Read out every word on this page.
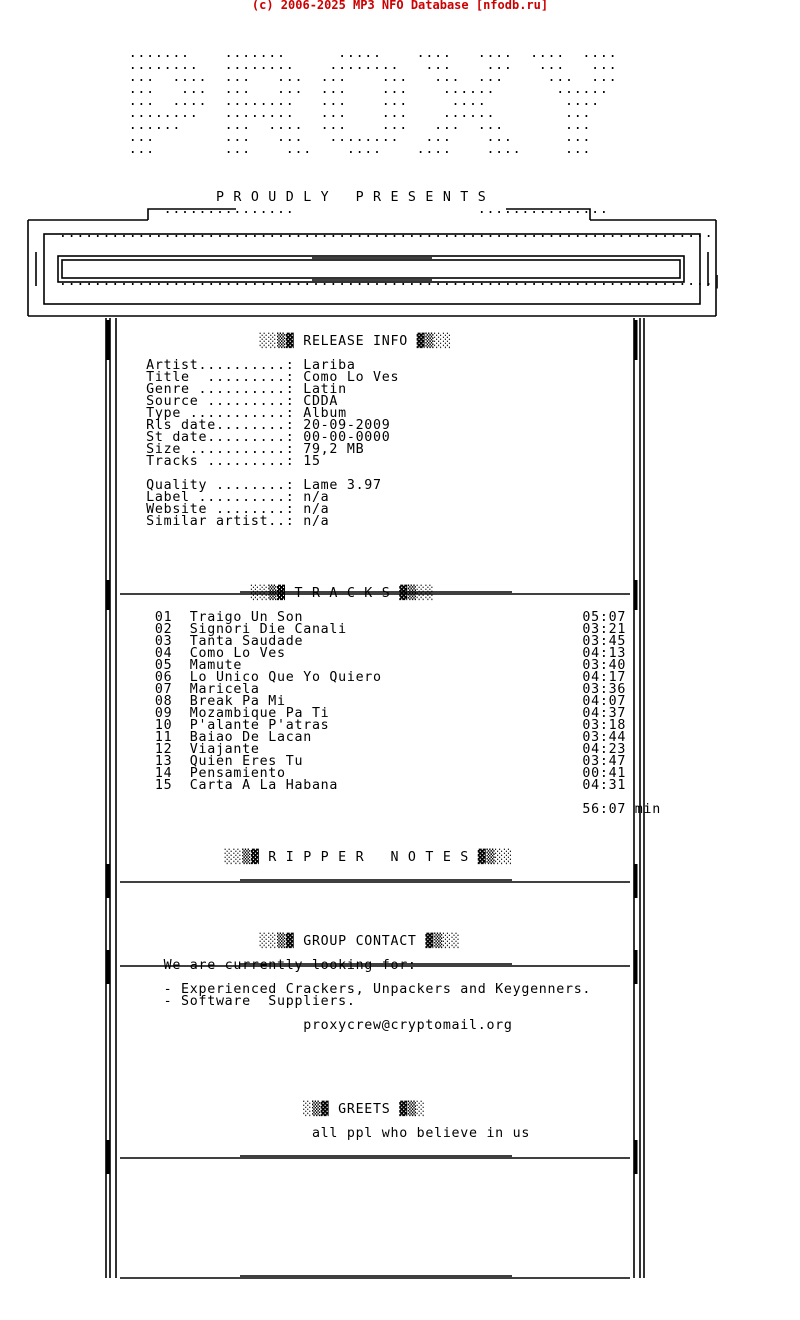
(c) 2006-2025 MP3 NFO Database [nfodb.ru]
.......    .......      .....    ....   ....  ....  ....
........   ........    ........   ...    ...   ...   ...
...  ....  ...   ...  ...    ...   ...  ...     ...  ...
...   ...  ...   ...  ...    ...    ......       ......
...  ....  ........   ...    ...     ....         ....
........   ........   ...    ...    ......        ...
......     ...  ....  ...    ...   ...  ...       ...
...        ...   ...   ........   ...    ...      ...
...        ...    ...    ....    ....    ....     ...

P R O U D L Y   P R E S E N T S
...............                     ...............

...........................................................................

...........................................................................|

░░▒▓ RELEASE INFO ▓▒░░

Artist..........: Lariba
Title  .........: Como Lo Ves
Genre ..........: Latin
Source .........: CDDA
Type ...........: Album
Rls date........: 20-09-2009
St date.........: 00-00-0000
Size ...........: 79,2 MB
Tracks .........: 15

Quality ........: Lame 3.97
Label ..........: n/a
Website ........: n/a
Similar artist..: n/a

░░▒▓ T R A C K S ▓▒░░

01  Traigo Un Son                                05:07
02  Signori Die Canali                           03:21
03  Tanta Saudade                                03:45
04  Como Lo Ves                                  04:13
05  Mamute                                       03:40
06  Lo Unico Que Yo Quiero                       04:17
07  Maricela                                     03:36
08  Break Pa Mi                                  04:07
09  Mozambique Pa Ti                             04:37
10  P'alante P'atras                             03:18
11  Baiao De Lacan                               03:44
12  Viajante                                     04:23
13  Quien Eres Tu                                03:47
14  Pensamiento                                  00:41
15  Carta A La Habana                            04:31

56:07 min

░░▒▓ R I P P E R   N O T E S ▓▒░░

░░▒▓ GROUP CONTACT ▓▒░░

We are currently looking for:

- Experienced Crackers, Unpackers and Keygenners.
- Software  Suppliers.

proxycrew@cryptomail.org

░▒▓ GREETS ▓▒░

all ppl who believe in us
